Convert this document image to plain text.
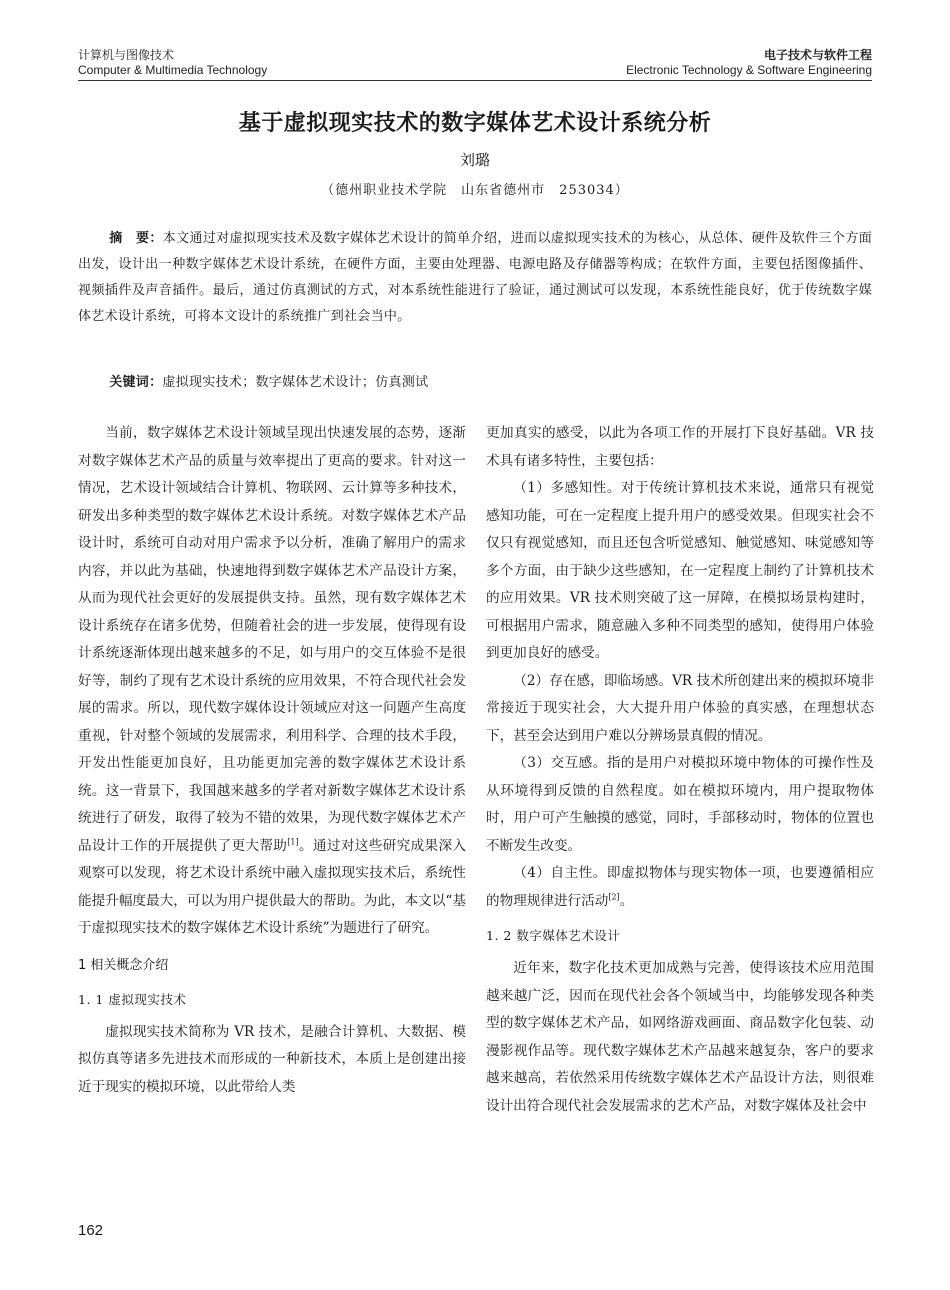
计算机与图像技术
Computer & Multimedia Technology
电子技术与软件工程
Electronic Technology & Software Engineering
基于虚拟现实技术的数字媒体艺术设计系统分析
刘璐
（德州职业技术学院　山东省德州市　253034）
摘　要：本文通过对虚拟现实技术及数字媒体艺术设计的简单介绍，进而以虚拟现实技术的为核心，从总体、硬件及软件三个方面出发，设计出一种数字媒体艺术设计系统，在硬件方面，主要由处理器、电源电路及存储器等构成；在软件方面，主要包括图像插件、视频插件及声音插件。最后，通过仿真测试的方式，对本系统性能进行了验证，通过测试可以发现，本系统性能良好，优于传统数字媒体艺术设计系统，可将本文设计的系统推广到社会当中。
关键词：虚拟现实技术；数字媒体艺术设计；仿真测试

当前，数字媒体艺术设计领域呈现出快速发展的态势，逐渐对数字媒体艺术产品的质量与效率提出了更高的要求。针对这一情况，艺术设计领域结合计算机、物联网、云计算等多种技术，研发出多种类型的数字媒体艺术设计系统。对数字媒体艺术产品设计时，系统可自动对用户需求予以分析，准确了解用户的需求内容，并以此为基础，快速地得到数字媒体艺术产品设计方案，从而为现代社会更好的发展提供支持。虽然，现有数字媒体艺术设计系统存在诸多优势，但随着社会的进一步发展，使得现有设计系统逐渐体现出越来越多的不足，如与用户的交互体验不是很好等，制约了现有艺术设计系统的应用效果，不符合现代社会发展的需求。所以，现代数字媒体设计领域应对这一问题产生高度重视，针对整个领域的发展需求，利用科学、合理的技术手段，开发出性能更加良好，且功能更加完善的数字媒体艺术设计系统。这一背景下，我国越来越多的学者对新数字媒体艺术设计系统进行了研发，取得了较为不错的效果，为现代数字媒体艺术产品设计工作的开展提供了更大帮助[1]。通过对这些研究成果深入观察可以发现，将艺术设计系统中融入虚拟现实技术后，系统性能提升幅度最大，可以为用户提供最大的帮助。为此，本文以“基于虚拟现实技术的数字媒体艺术设计系统”为题进行了研究。

1 相关概念介绍
1. 1 虚拟现实技术

虚拟现实技术简称为 VR 技术，是融合计算机、大数据、模拟仿真等诸多先进技术而形成的一种新技术，本质上是创建出接近于现实的模拟环境，以此带给人类

更加真实的感受，以此为各项工作的开展打下良好基础。VR 技术具有诸多特性，主要包括：

（1）多感知性。对于传统计算机技术来说，通常只有视觉感知功能，可在一定程度上提升用户的感受效果。但现实社会不仅只有视觉感知，而且还包含听觉感知、触觉感知、味觉感知等多个方面，由于缺少这些感知，在一定程度上制约了计算机技术的应用效果。VR 技术则突破了这一屏障，在模拟场景构建时，可根据用户需求，随意融入多种不同类型的感知，使得用户体验到更加良好的感受。

（2）存在感，即临场感。VR 技术所创建出来的模拟环境非常接近于现实社会，大大提升用户体验的真实感，在理想状态下，甚至会达到用户难以分辨场景真假的情况。

（3）交互感。指的是用户对模拟环境中物体的可操作性及从环境得到反馈的自然程度。如在模拟环境内，用户提取物体时，用户可产生触摸的感觉，同时，手部移动时，物体的位置也不断发生改变。

（4）自主性。即虚拟物体与现实物体一项，也要遵循相应的物理规律进行活动[2]。

1. 2 数字媒体艺术设计

近年来，数字化技术更加成熟与完善，使得该技术应用范围越来越广泛，因而在现代社会各个领域当中，均能够发现各种类型的数字媒体艺术产品，如网络游戏画面、商品数字化包装、动漫影视作品等。现代数字媒体艺术产品越来越复杂，客户的要求越来越高，若依然采用传统数字媒体艺术产品设计方法，则很难设计出符合现代社会发展需求的艺术产品，对数字媒体及社会中

162
